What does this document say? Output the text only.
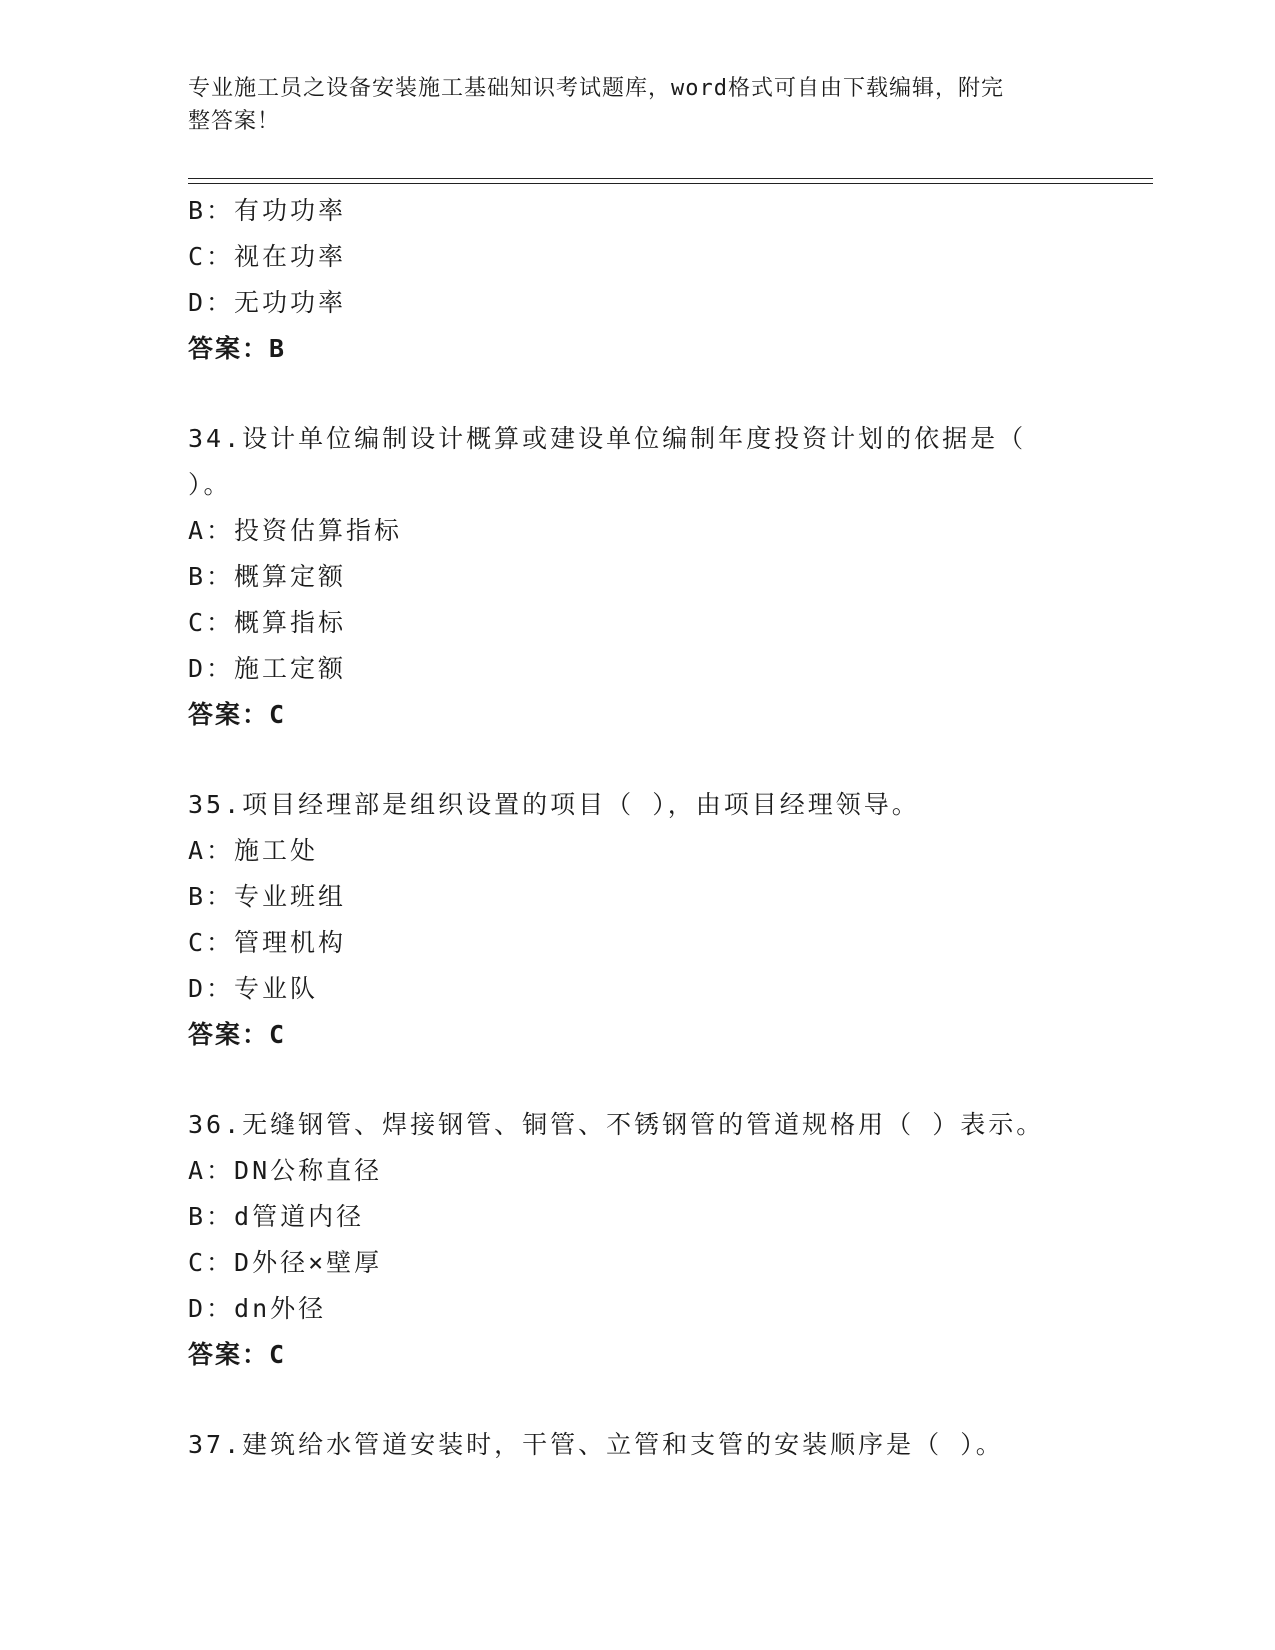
专业施工员之设备安装施工基础知识考试题库，word格式可自由下载编辑，附完
整答案！
B：有功功率
C：视在功率
D：无功功率
答案：B
34.设计单位编制设计概算或建设单位编制年度投资计划的依据是（
）。
A：投资估算指标
B：概算定额
C：概算指标
D：施工定额
答案：C
35.项目经理部是组织设置的项目（ ），由项目经理领导。
A：施工处
B：专业班组
C：管理机构
D：专业队
答案：C
36.无缝钢管、焊接钢管、铜管、不锈钢管的管道规格用（ ）表示。
A：DN公称直径
B：d管道内径
C：D外径×壁厚
D：dn外径
答案：C
37.建筑给水管道安装时，干管、立管和支管的安装顺序是（ ）。
